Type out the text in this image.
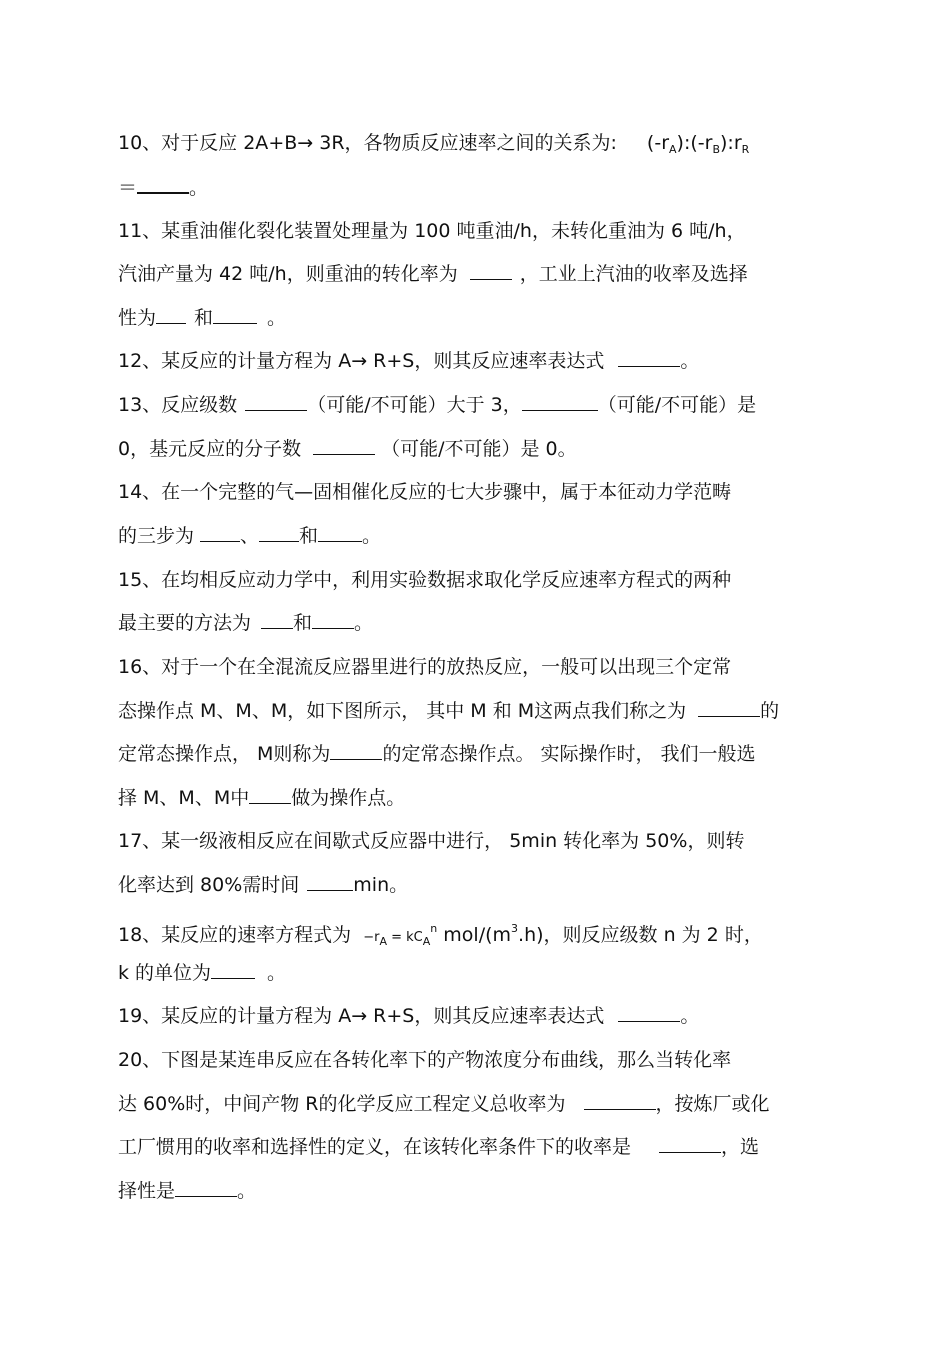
10、对于反应 2A+B→ 3R，各物质反应速率之间的关系为: $(-r_A):(-r_B):r_R$
＝	。
11、某重油催化裂化装置处理量为 100 吨重油/h，未转化重油为 6 吨/h，
汽油产量为 42 吨/h，则重油的转化率为	，工业上汽油的收率及选择
性为 和	。
12、某反应的计量方程为 A→ R+S，则其反应速率表达式	。
13、反应级数	（可能/不可能）大于 3，	（可能/不可能）是
0，基元反应的分子数	（可能/不可能）是 0。
14、在一个完整的气—固相催化反应的七大步骤中，属于本征动力学范畴
的三步为 、 和 。
15、在均相反应动力学中，利用实验数据求取化学反应速率方程式的两种
最主要的方法为 和 。
16、对于一个在全混流反应器里进行的放热反应，一般可以出现三个定常
态操作点 M、M、M，如下图所示， 其中 M 和 M这两点我们称之为	的
定常态操作点， M则称为	的定常态操作点。 实际操作时， 我们一般选
择 M、M、M中 做为操作点。
17、某一级液相反应在间歇式反应器中进行， 5min 转化率为 50%，则转
化率达到 80%需时间	min。
18、某反应的速率方程式为 $-r_A = kC_A^n$ mol/$(m^3.h)$，则反应级数 n 为 2 时，
k 的单位为	。
19、某反应的计量方程为 A→ R+S，则其反应速率表达式	。
20、下图是某连串反应在各转化率下的产物浓度分布曲线，那么当转化率
达 60%时，中间产物 R的化学反应工程定义总收率为	，按炼厂或化
工厂惯用的收率和选择性的定义，在该转化率条件下的收率是	，选
择性是	。
